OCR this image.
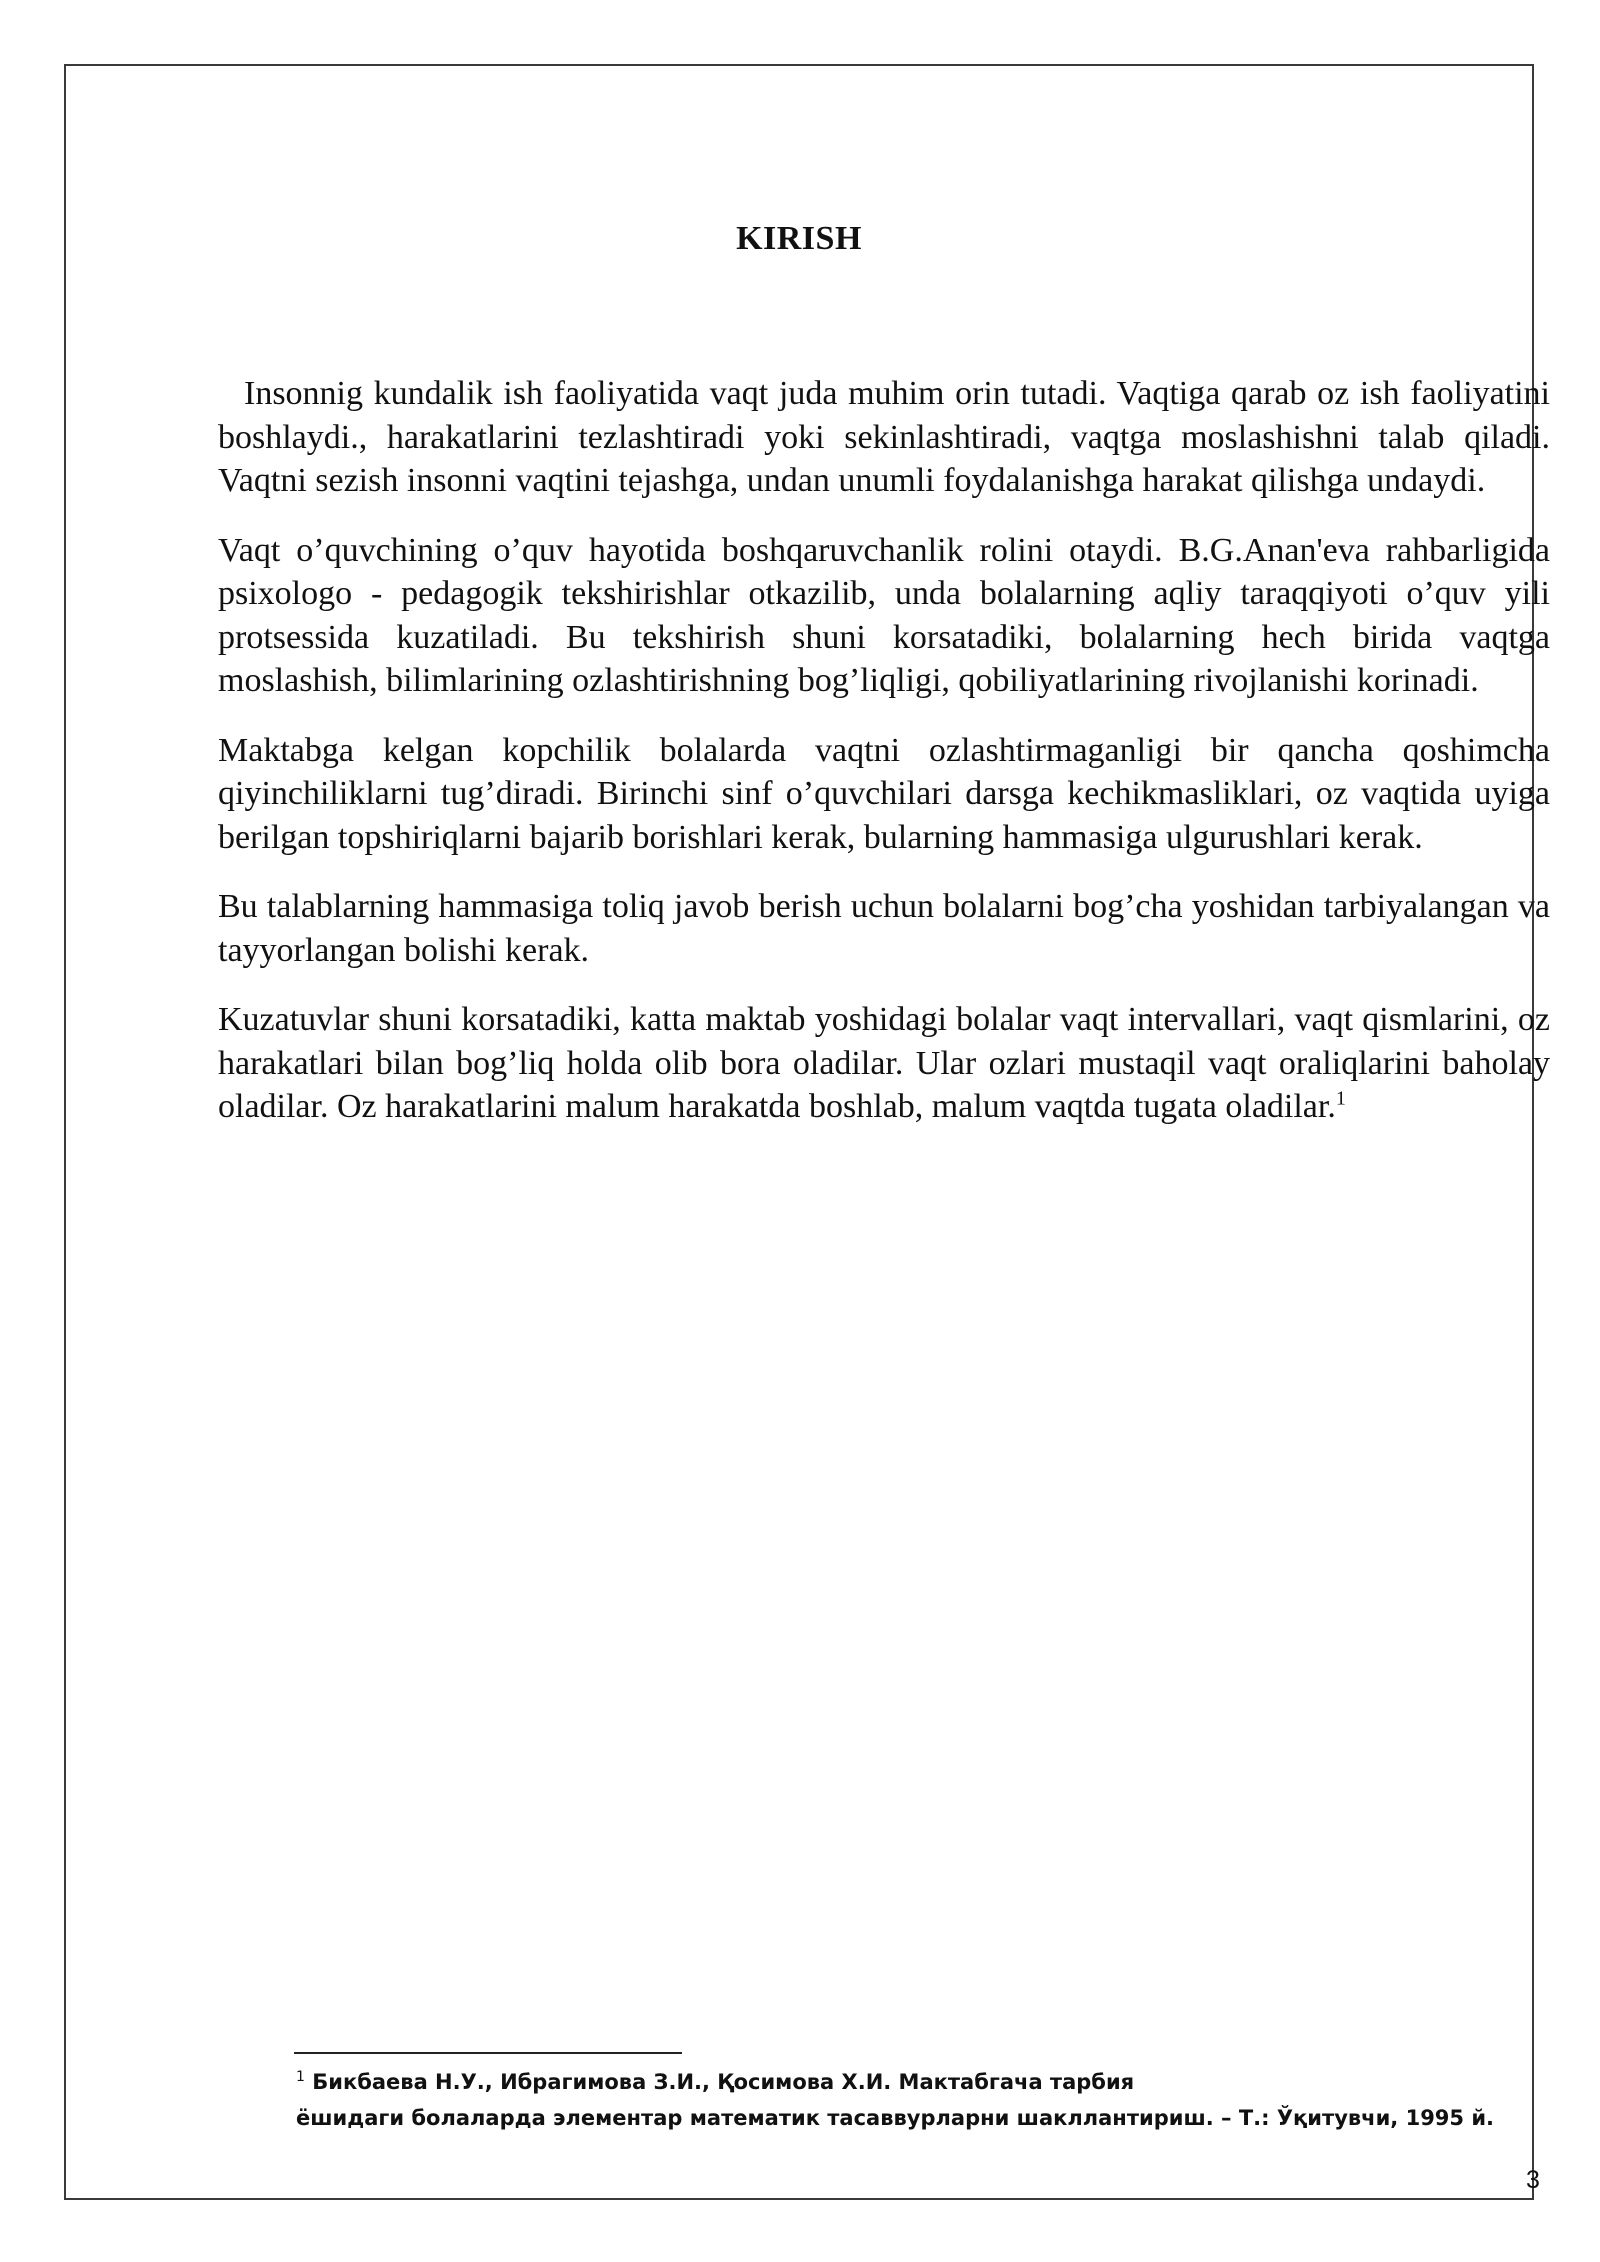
KIRISH

Insonnig kundalik ish faoliyatida vaqt juda muhim orin tutadi. Vaqtiga qarab oz ish faoliyatini boshlaydi., harakatlarini tezlashtiradi yoki sekinlashtiradi, vaqtga moslashishni talab qiladi. Vaqtni sezish insonni vaqtini tejashga, undan unumli foydalanishga harakat qilishga undaydi.

Vaqt o’quvchining o’quv hayotida boshqaruvchanlik rolini otaydi. B.G.Anan'eva rahbarligida psixologo - pedagogik tekshirishlar otkazilib, unda bolalarning aqliy taraqqiyoti o’quv yili protsessida kuzatiladi. Bu tekshirish shuni korsatadiki, bolalarning hech birida vaqtga moslashish, bilimlarining ozlashtirishning bog’liqligi, qobiliyatlarining rivojlanishi korinadi.

Maktabga kelgan kopchilik bolalarda vaqtni ozlashtirmaganligi bir qancha qoshimcha qiyinchiliklarni tug’diradi. Birinchi sinf o’quvchilari darsga kechikmasliklari, oz vaqtida uyiga berilgan topshiriqlarni bajarib borishlari kerak, bularning hammasiga ulgurushlari kerak.

Bu talablarning hammasiga toliq javob berish uchun bolalarni bog’cha yoshidan tarbiyalangan va tayyorlangan bolishi kerak.

Kuzatuvlar shuni korsatadiki, katta maktab yoshidagi bolalar vaqt intervallari, vaqt qismlarini, oz harakatlari bilan bog’liq holda olib bora oladilar. Ular ozlari mustaqil vaqt oraliqlarini baholay oladilar. Oz harakatlarini malum harakatda boshlab, malum vaqtda tugata oladilar.$^1$

$^1$ Бикбаева Н.У., Ибрагимова З.И., Қосимова Х.И. Мактабгача тарбия
ёшидаги болаларда элементар математик тасаввурларни шакллантириш. – Т.: Ўқитувчи, 1995 й.
3
